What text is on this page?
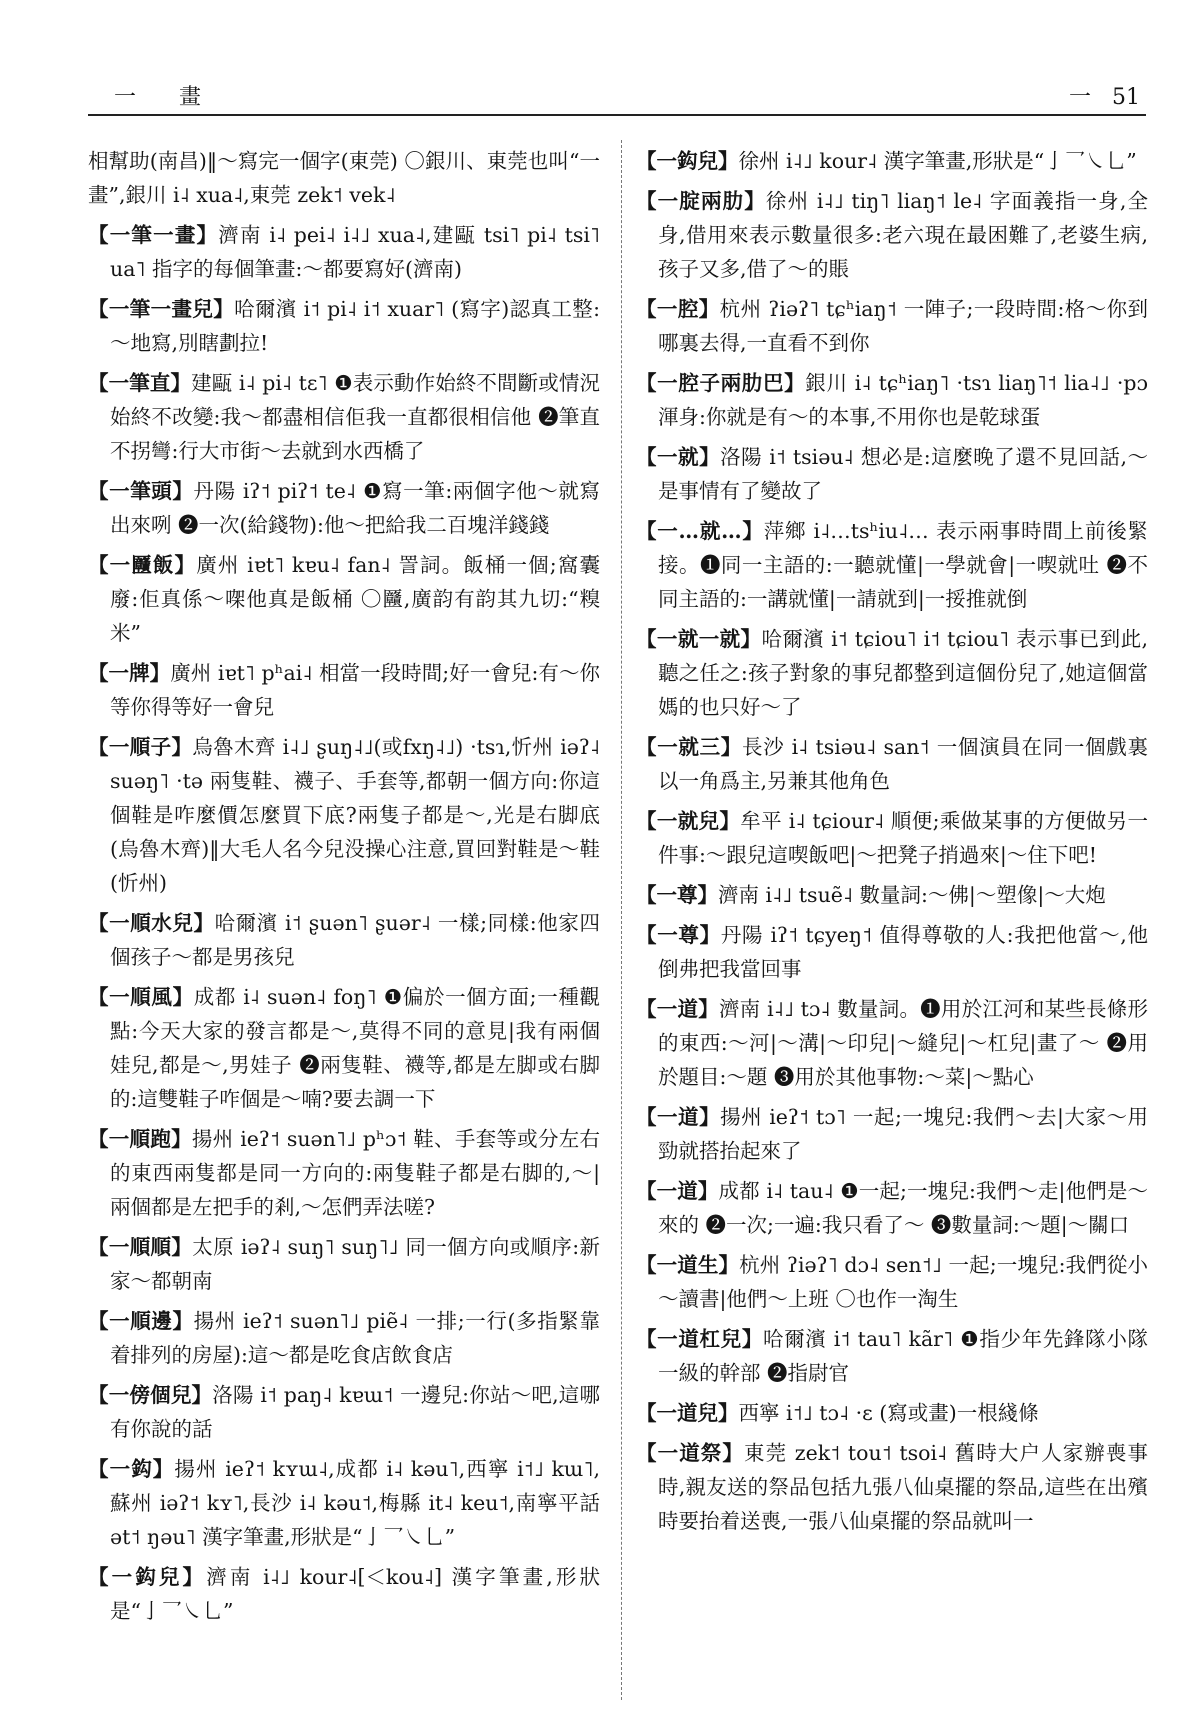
一 畫	一 51

相幫助(南昌)‖～寫完一個字(東莞) 〇銀川、東莞也叫“一畫”,銀川 i˨ xua˨,東莞 zek˦ vek˨

【一筆一畫】濟南 i˨ pei˨ i˨˩ xua˨,建甌 tsi˥ pi˨ tsi˥ ua˥ 指字的每個筆畫:～都要寫好(濟南)

【一筆一畫兒】哈爾濱 i˦ pi˨ i˦ xuar˥ (寫字)認真工整:～地寫,別瞎劃拉!

【一筆直】建甌 i˨ pi˨ tɛ˥ ❶表示動作始終不間斷或情況始終不改變:我～都盡相信佢我一直都很相信他 ❷筆直不拐彎:行大市街～去就到水西橋了

【一筆頭】丹陽 iʔ˦ piʔ˦ te˨ ❶寫一筆:兩個字他～就寫出來咧 ❷一次(給錢物):他～把給我二百塊洋錢錢

【一㔶飯】廣州 iɐt˥ kɐu˨ fan˨ 詈詞。飯桶一個;窩囊廢:佢真係～㗎他真是飯桶 〇㔶,廣韵有韵其九切:“糗米”

【一牌】廣州 iɐt˥ pʰai˨ 相當一段時間;好一會兒:有～你等你得等好一會兒

【一順子】烏魯木齊 i˨˩ ʂuŋ˨˩(或fxŋ˨˩) ·tsɿ,忻州 iəʔ˨ suəŋ˥ ·tə 兩隻鞋、襪子、手套等,都朝一個方向:你這個鞋是咋麼價怎麼買下底?兩隻子都是～,光是右脚底(烏魯木齊)‖大毛人名今兒没操心注意,買回對鞋是～鞋(忻州)

【一順水兒】哈爾濱 i˦ ʂuən˥ ʂuər˨ 一樣;同樣:他家四個孩子～都是男孩兒

【一順風】成都 i˨ suən˨ foŋ˥ ❶偏於一個方面;一種觀點:今天大家的發言都是～,莫得不同的意見|我有兩個娃兒,都是～,男娃子 ❷兩隻鞋、襪等,都是左脚或右脚的:這雙鞋子咋個是～喃?要去調一下

【一順跑】揚州 ieʔ˦ suən˥˩ pʰɔ˦ 鞋、手套等或分左右的東西兩隻都是同一方向的:兩隻鞋子都是右脚的,～|兩個都是左把手的剎,～怎們弄法嗟?

【一順順】太原 iəʔ˨ suŋ˥ suŋ˥˩ 同一個方向或順序:新家～都朝南

【一順邊】揚州 ieʔ˦ suən˥˩ piẽ˨ 一排;一行(多指緊靠着排列的房屋):這～都是吃食店飲食店

【一傍個兒】洛陽 i˦ paŋ˨ kɐɯ˦ 一邊兒:你站～吧,這哪有你說的話

【一鈎】揚州 ieʔ˦ kʏɯ˨,成都 i˨ kəu˥,西寧 i˦˩ kɯ˥,蘇州 iəʔ˦ kʏ˥,長沙 i˨ kəu˦,梅縣 it˨ keu˦,南寧平話 ət˦ ŋəu˥ 漢字筆畫,形狀是“亅乛㇏乚”

【一鈎兒】濟南 i˨˩ kour˨[＜kou˨] 漢字筆畫,形狀是“亅乛㇏乚”

【一鈎兒】徐州 i˨˩ kour˨ 漢字筆畫,形狀是“亅乛㇏乚”

【一腚兩肋】徐州 i˨˩ tiŋ˥ liaŋ˦ le˨ 字面義指一身,全身,借用來表示數量很多:老六現在最困難了,老婆生病,孩子又多,借了～的賬

【一腔】杭州 ʔiəʔ˥ tɕʰiaŋ˦ 一陣子;一段時間:格～你到哪裏去得,一直看不到你

【一腔子兩肋巴】銀川 i˨ tɕʰiaŋ˥ ·tsɿ liaŋ˥˦ lia˨˩ ·pɔ 渾身:你就是有～的本事,不用你也是乾球蛋

【一就】洛陽 i˦ tsiəu˨ 想必是:這麼晚了還不見回話,～是事情有了變故了

【一…就…】萍鄉 i˨…tsʰiu˨… 表示兩事時間上前後緊接。❶同一主語的:一聽就懂|一學就會|一喫就吐 ❷不同主語的:一講就懂|一請就到|一挼推就倒

【一就一就】哈爾濱 i˦ tɕiou˥ i˦ tɕiou˥ 表示事已到此,聽之任之:孩子對象的事兒都整到這個份兒了,她這個當媽的也只好～了

【一就三】長沙 i˨ tsiəu˨ san˦ 一個演員在同一個戲裏以一角爲主,另兼其他角色

【一就兒】牟平 i˨ tɕiour˨ 順便;乘做某事的方便做另一件事:～跟兒這喫飯吧|～把凳子捎過來|～住下吧!

【一尊】濟南 i˨˩ tsuẽ˨ 數量詞:～佛|～塑像|～大炮

【一尊】丹陽 iʔ˦ tɕyeŋ˦ 值得尊敬的人:我把他當～,他倒弗把我當回事

【一道】濟南 i˨˩ tɔ˨ 數量詞。❶用於江河和某些長條形的東西:～河|～溝|～印兒|～縫兒|～杠兒|畫了～ ❷用於題目:～題 ❸用於其他事物:～菜|～點心

【一道】揚州 ieʔ˦ tɔ˥ 一起;一塊兒:我們～去|大家～用勁就搭抬起來了

【一道】成都 i˨ tau˨ ❶一起;一塊兒:我們～走|他們是～來的 ❷一次;一遍:我只看了～ ❸數量詞:～題|～關口

【一道生】杭州 ʔiəʔ˥ dɔ˨ sen˦˩ 一起;一塊兒:我們從小～讀書|他們～上班 〇也作一淘生

【一道杠兒】哈爾濱 i˦ tau˥ kãr˥ ❶指少年先鋒隊小隊一級的幹部 ❷指尉官

【一道兒】西寧 i˦˩ tɔ˨ ·ɛ (寫或畫)一根綫條

【一道祭】東莞 zek˦ tou˦ tsoi˨ 舊時大户人家辦喪事時,親友送的祭品包括九張八仙桌擺的祭品,這些在出殯時要抬着送喪,一張八仙桌擺的祭品就叫一
